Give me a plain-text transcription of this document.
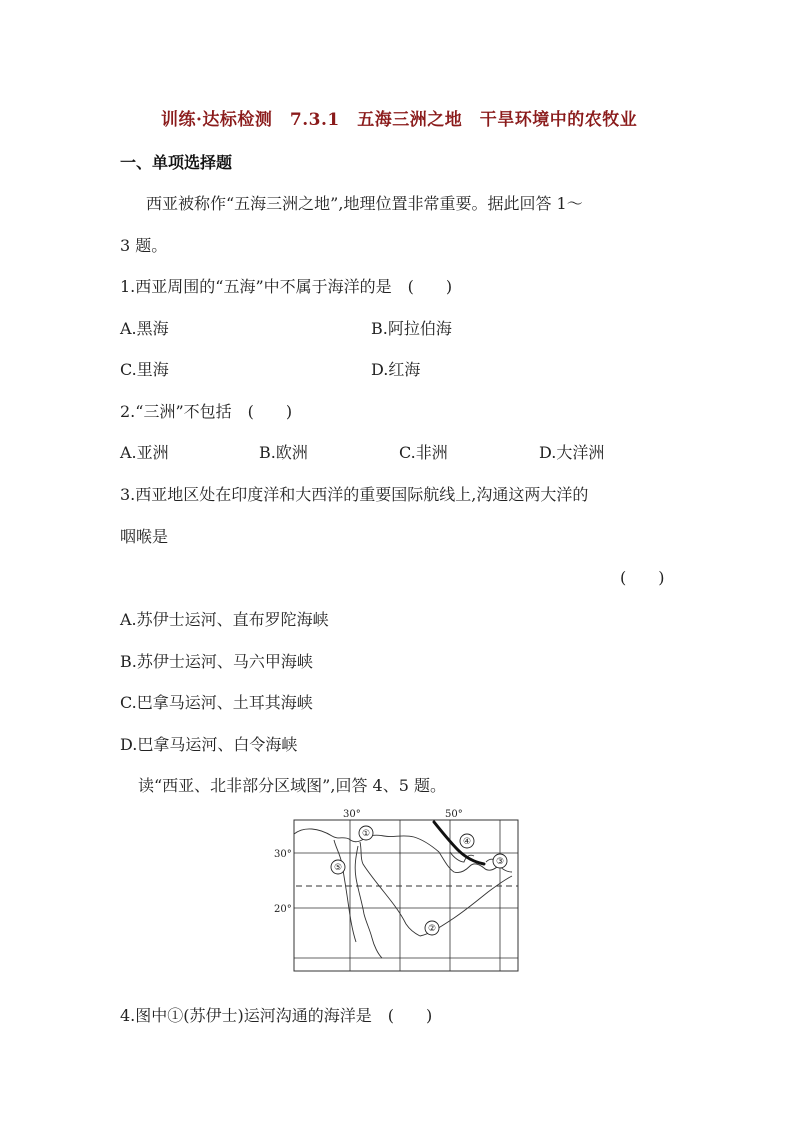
训练·达标检测　7.3.1　五海三洲之地　干旱环境中的农牧业
一、单项选择题
西亚被称作“五海三洲之地”,地理位置非常重要。据此回答 1～
3 题。
1.西亚周围的“五海”中不属于海洋的是　(　　)
A.黑海	B.阿拉伯海
C.里海	D.红海
2.“三洲”不包括　(　　)
A.亚洲	B.欧洲	C.非洲	D.大洋洲
3.西亚地区处在印度洋和大西洋的重要国际航线上,沟通这两大洋的
咽喉是
(　　)
A.苏伊士运河、直布罗陀海峡
B.苏伊士运河、马六甲海峡
C.巴拿马运河、土耳其海峡
D.巴拿马运河、白令海峡
读“西亚、北非部分区域图”,回答 4、5 题。
30°	50°
30°
20°
①
②
③
④
⑤
4.图中①(苏伊士)运河沟通的海洋是　(　　)
